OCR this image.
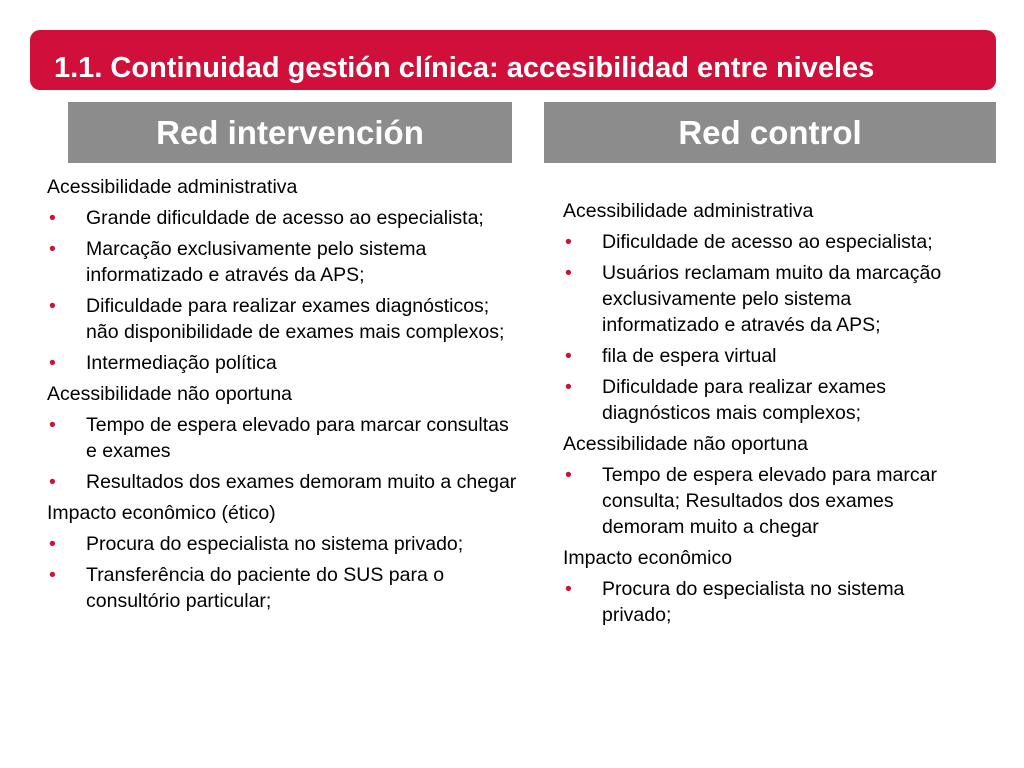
1.1. Continuidad gestión clínica: accesibilidad entre niveles
Red intervención	Red control
Acessibilidade administrativa
• Grande dificuldade de acesso ao especialista;
• Marcação exclusivamente pelo sistema informatizado e através da APS;
• Dificuldade para realizar exames diagnósticos; não disponibilidade de exames mais complexos;
• Intermediação política
Acessibilidade não oportuna
• Tempo de espera elevado para marcar consultas e exames
• Resultados dos exames demoram muito a chegar
Impacto econômico (ético)
• Procura do especialista no sistema privado;
• Transferência do paciente do SUS para o consultório particular;
Acessibilidade administrativa
• Dificuldade de acesso ao especialista;
• Usuários reclamam muito da marcação exclusivamente pelo sistema informatizado e através da APS;
• fila de espera virtual
• Dificuldade para realizar exames diagnósticos mais complexos;
Acessibilidade não oportuna
• Tempo de espera elevado para marcar consulta; Resultados dos exames demoram muito a chegar
Impacto econômico
• Procura do especialista no sistema privado;
